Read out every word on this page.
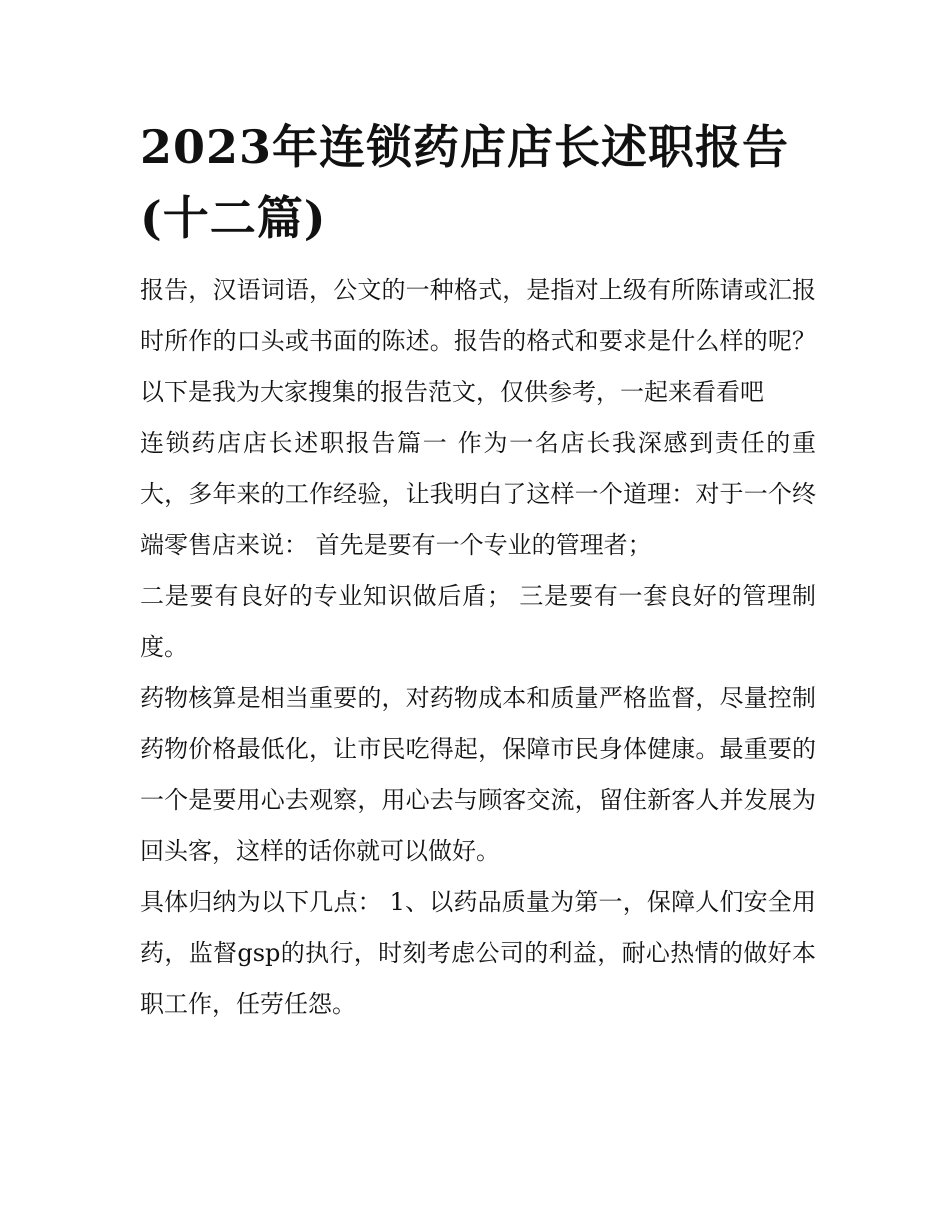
2023年连锁药店店长述职报告(十二篇)

报告，汉语词语，公文的一种格式，是指对上级有所陈请或汇报时所作的口头或书面的陈述。报告的格式和要求是什么样的呢？以下是我为大家搜集的报告范文，仅供参考，一起来看看吧

连锁药店店长述职报告篇一 作为一名店长我深感到责任的重大，多年来的工作经验，让我明白了这样一个道理：对于一个终端零售店来说： 首先是要有一个专业的管理者；

二是要有良好的专业知识做后盾； 三是要有一套良好的管理制度。

药物核算是相当重要的，对药物成本和质量严格监督，尽量控制药物价格最低化，让市民吃得起，保障市民身体健康。最重要的一个是要用心去观察，用心去与顾客交流，留住新客人并发展为回头客，这样的话你就可以做好。

具体归纳为以下几点： 1、以药品质量为第一，保障人们安全用药，监督gsp的执行，时刻考虑公司的利益，耐心热情的做好本职工作，任劳任怨。
